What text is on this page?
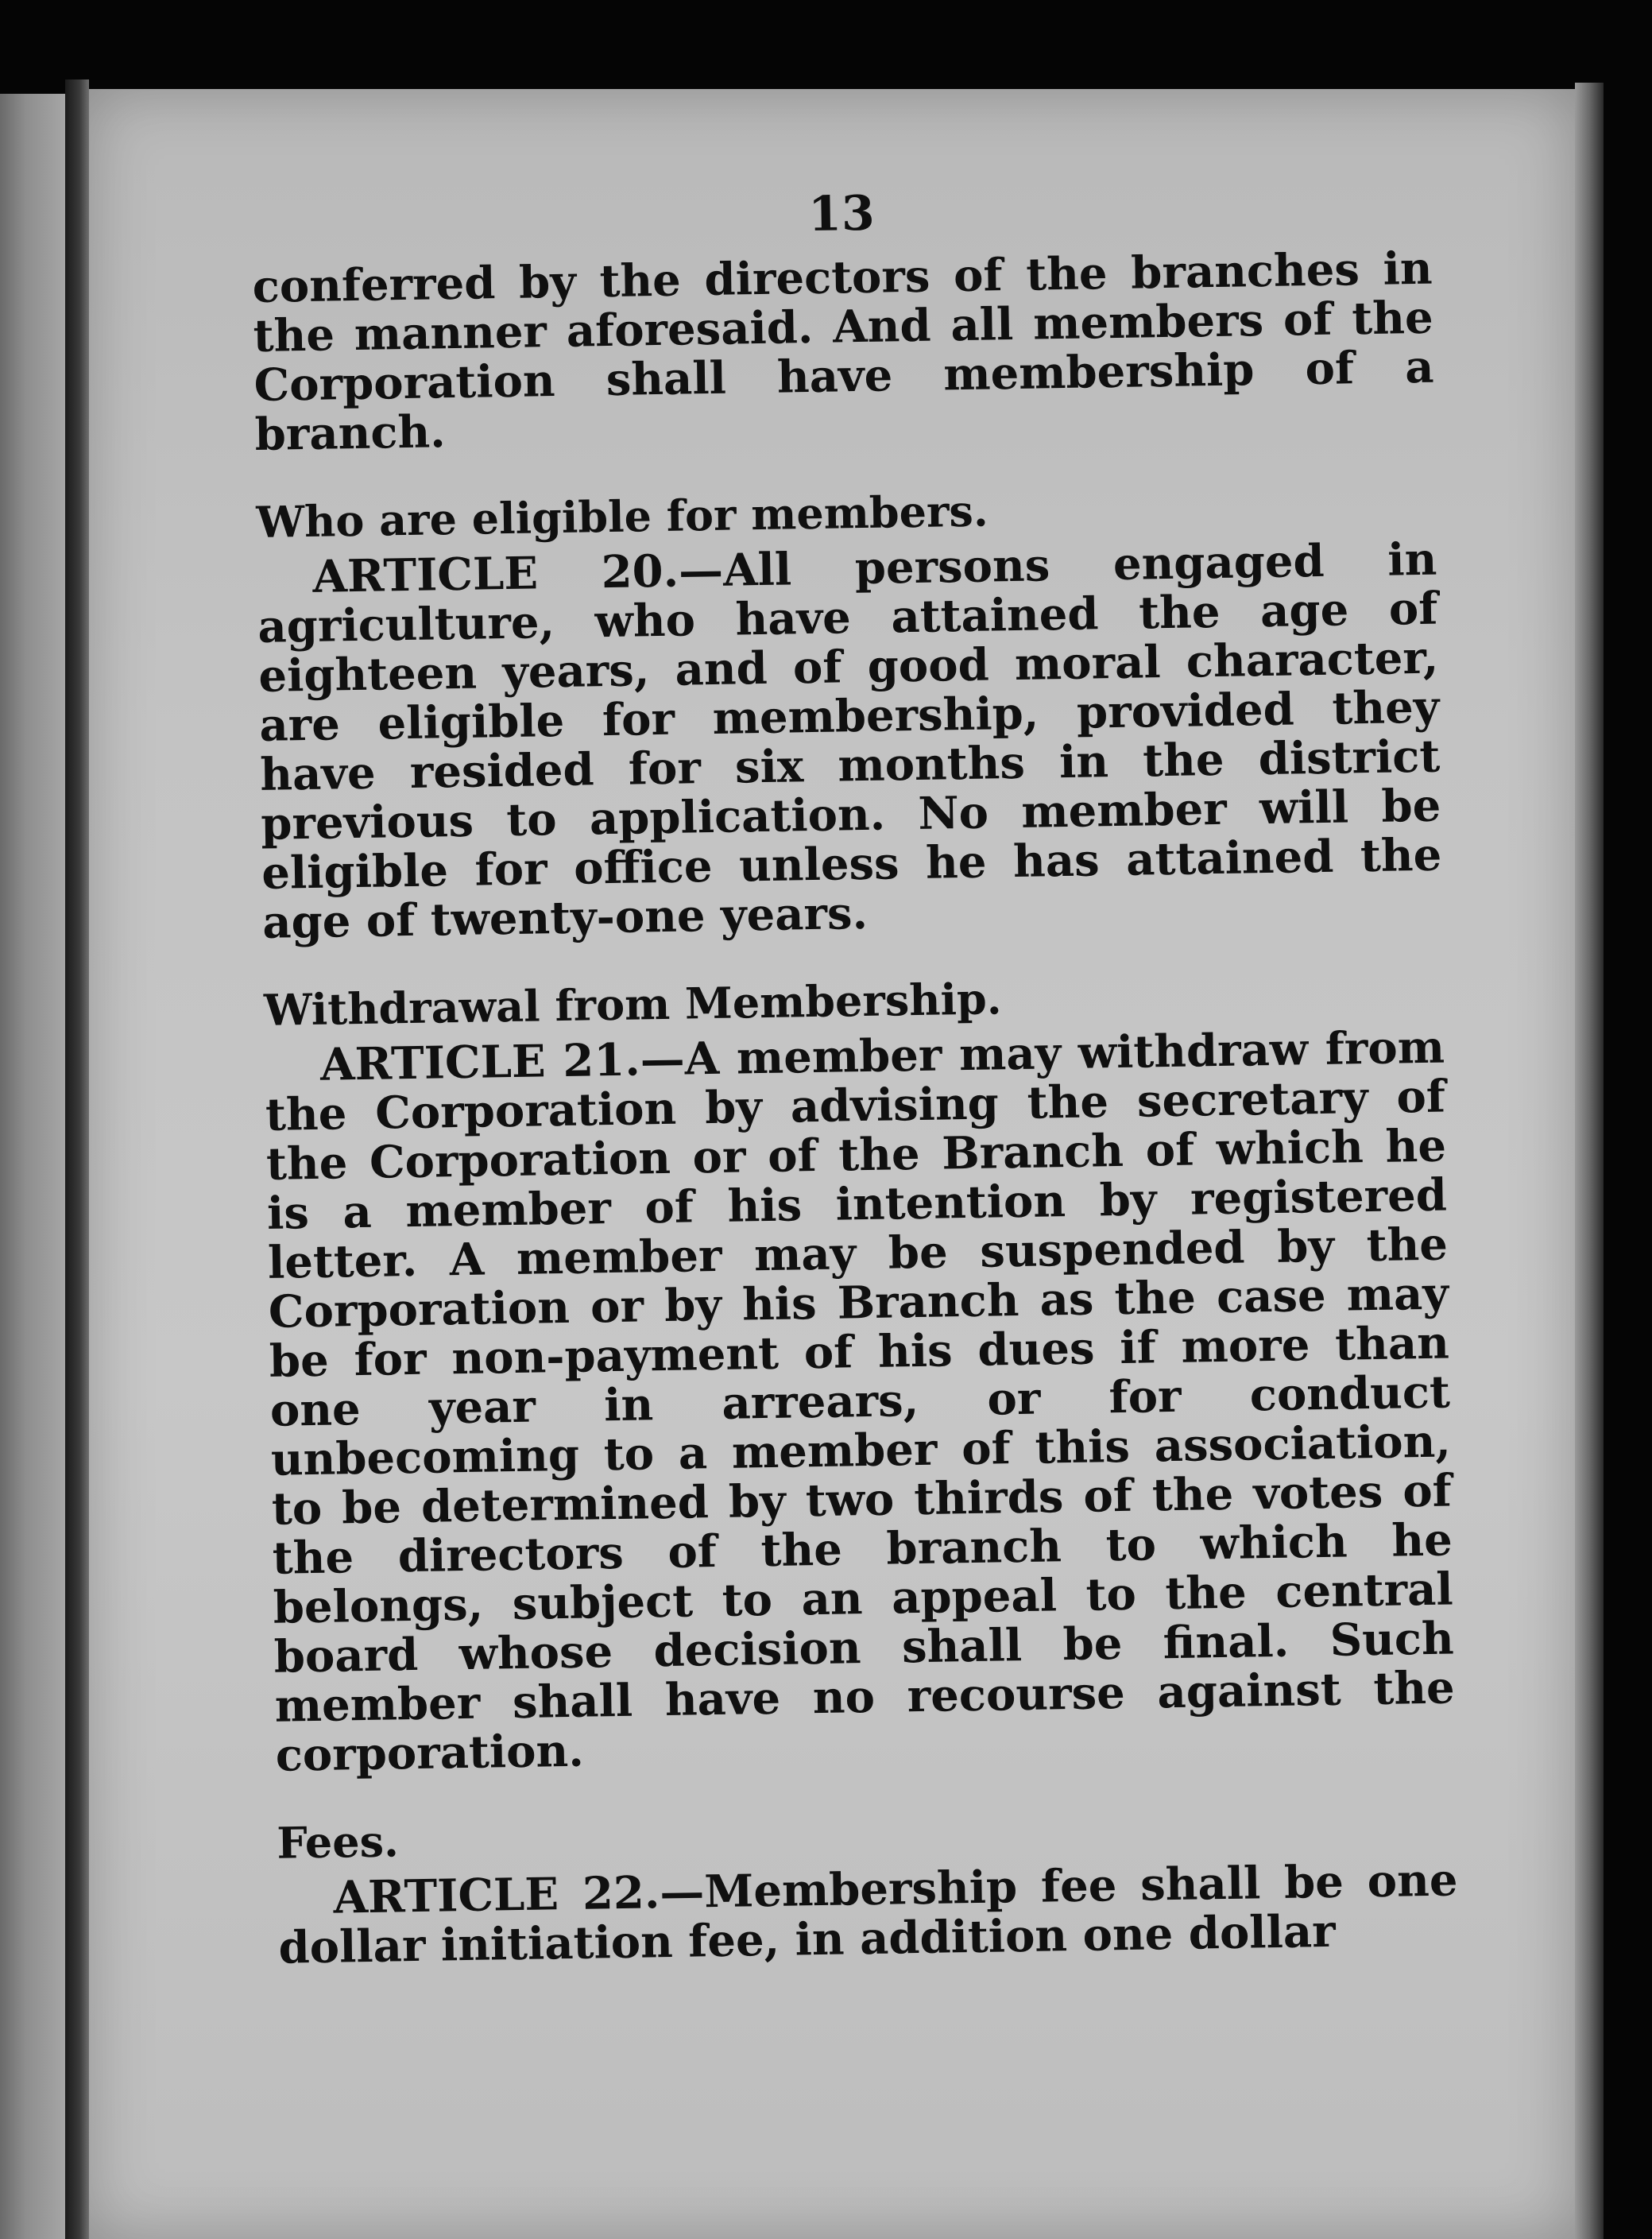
13

conferred by the directors of the branches in the manner aforesaid. And all members of the Corporation shall have membership of a branch.

Who are eligible for members.

ARTICLE 20.—All persons engaged in agriculture, who have attained the age of eighteen years, and of good moral character, are eligible for membership, provided they have resided for six months in the district previous to application. No member will be eligible for office unless he has attained the age of twenty-one years.

Withdrawal from Membership.

ARTICLE 21.—A member may withdraw from the Corporation by advising the secretary of the Corporation or of the Branch of which he is a member of his intention by registered letter. A member may be suspended by the Corporation or by his Branch as the case may be for non-payment of his dues if more than one year in arrears, or for conduct unbecoming to a member of this association, to be determined by two thirds of the votes of the directors of the branch to which he belongs, subject to an appeal to the central board whose decision shall be final. Such member shall have no recourse against the corporation.

Fees.

ARTICLE 22.—Membership fee shall be one dollar initiation fee, in addition one dollar
